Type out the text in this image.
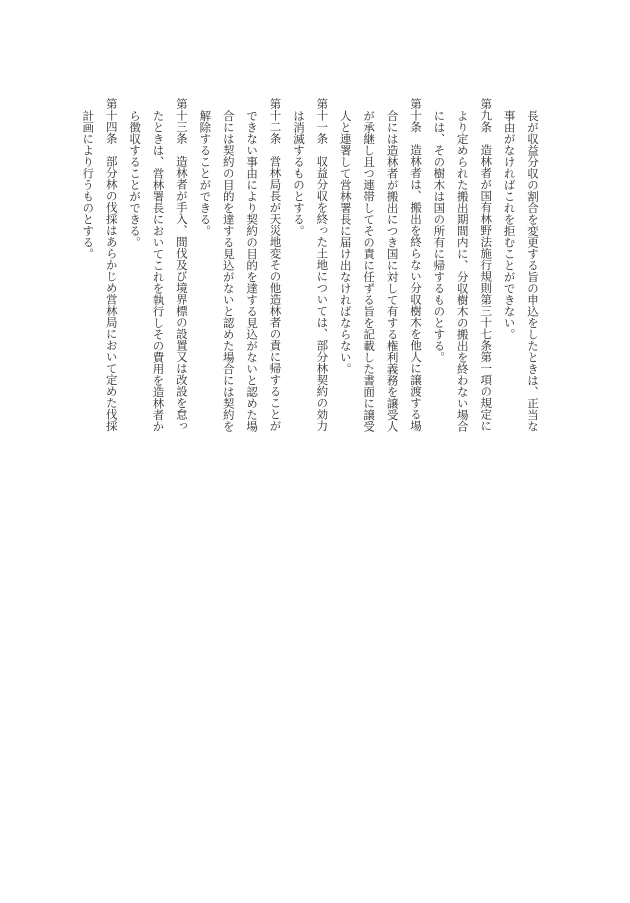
長が収益分収の割合を変更する旨の申込をしたときは、正当な

事由がなければこれを拒むことができない。

第九条　造林者が国有林野法施行規則第三十七条第一項の規定に

より定められた搬出期間内に、分収樹木の搬出を終わない場合

には、その樹木は国の所有に帰するものとする。

第十条　造林者は、搬出を終らない分収樹木を他人に譲渡する場

合には造林者が搬出につき国に対して有する権利義務を譲受人

が承継し且つ連帯してその責に任ずる旨を記載した書面に譲受

人と連署して営林署長に届け出なければならない。

第十一条　収益分収を終った土地については、部分林契約の効力

は消滅するものとする。

第十二条　営林局長が天災地変その他造林者の責に帰することが

できない事由により契約の目的を達する見込がないと認めた場

合には契約の目的を達する見込がないと認めた場合には契約を

解除することができる。

第十三条　造林者が手入、間伐及び境界標の設置又は改設を怠っ

たときは、営林署長においてこれを執行しその費用を造林者か

ら徴収することができる。

第十四条　部分林の伐採はあらかじめ営林局において定めた伐採

計画により行うものとする。
